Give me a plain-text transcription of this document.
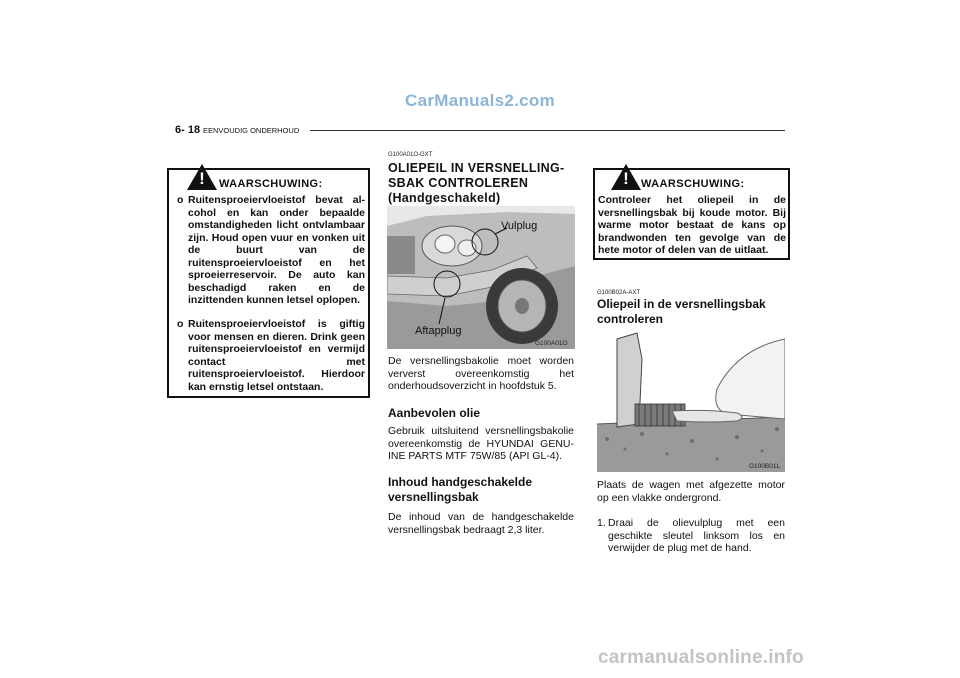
CarManuals2.com
6- 18 EENVOUDIG ONDERHOUD
!	WAARSCHUWING:
o Ruitensproeiervloeistof bevat al- cohol en kan onder bepaalde omstandigheden licht ontvlambaar zijn. Houd open vuur en vonken uit de buurt van de ruitensproeiervloeistof en het sproeierreservoir. De auto kan beschadigd raken en de inzittenden kunnen letsel oplopen.
o Ruitensproeiervloeistof is giftig voor mensen en dieren. Drink geen ruitensproeiervloeistof en vermijd contact met ruitensproeiervloeistof. Hierdoor kan ernstig letsel ontstaan.
G100A01O-GXT
OLIEPEIL IN VERSNELLING- SBAK CONTROLEREN (Handgeschakeld)
Vulplug
Aftapplug
G100A01O
De versnellingsbakolie moet worden ververst overeenkomstig het onderhoudsoverzicht in hoofdstuk 5.
Aanbevolen olie
Gebruik uitsluitend versnellingsbakolie overeenkomstig de HYUNDAI GENU- INE PARTS MTF 75W/85 (API GL-4).
Inhoud handgeschakelde versnellingsbak
De inhoud van de handgeschakelde versnellingsbak bedraagt 2,3 liter.
!	WAARSCHUWING:
Controleer het oliepeil in de versnellingsbak bij koude motor. Bij warme motor bestaat de kans op brandwonden ten gevolge van de hete motor of delen van de uitlaat.
G100B02A-AXT
Oliepeil in de versnellingsbak controleren
G100B01L
Plaats de wagen met afgezette motor op een vlakke ondergrond.
1. Draai de olievulplug met een geschikte sleutel linksom los en verwijder de plug met de hand.
carmanualsonline.info
